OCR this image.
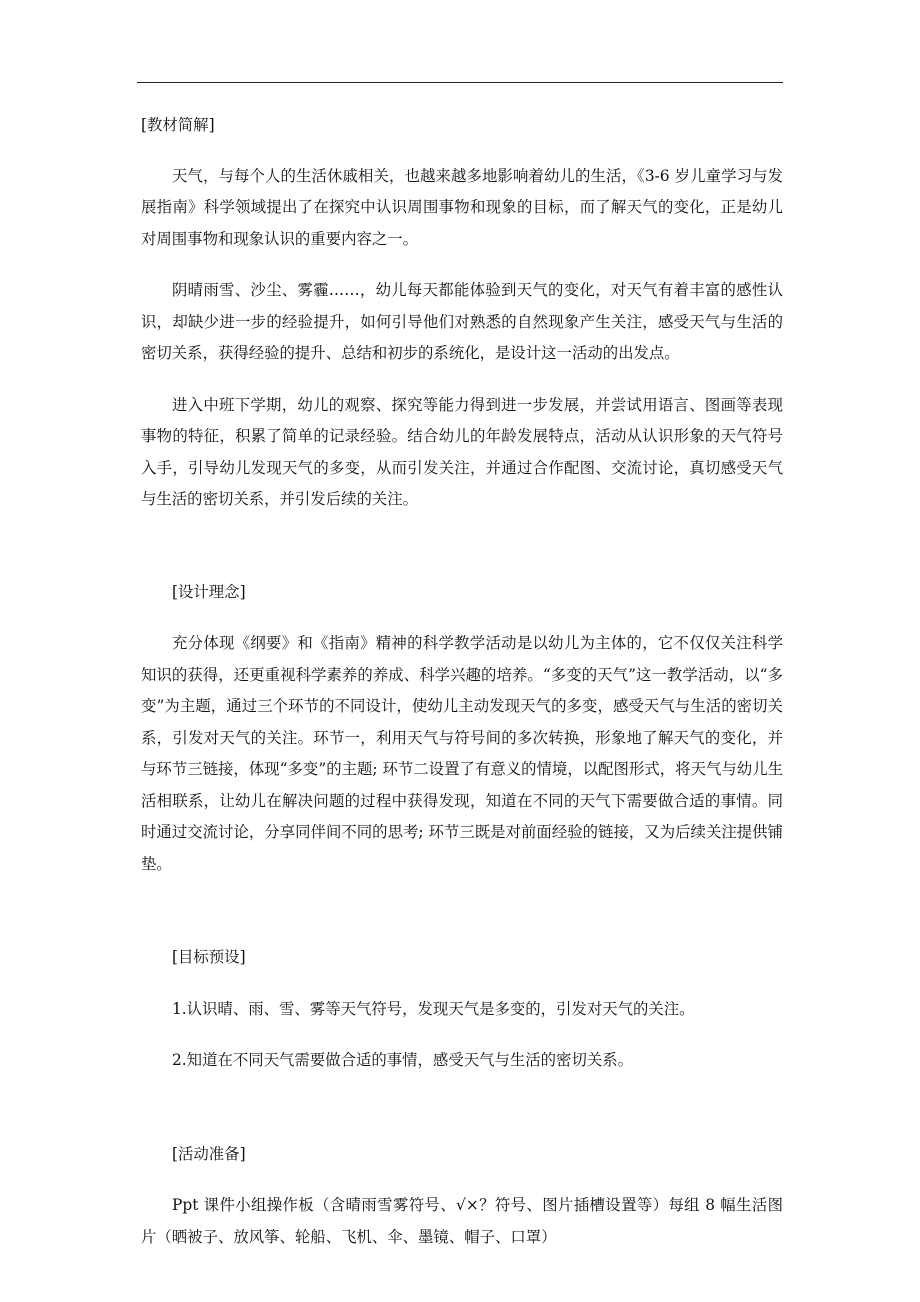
[教材简解]

天气，与每个人的生活休戚相关，也越来越多地影响着幼儿的生活，《3-6 岁儿童学习与发展指南》科学领域提出了在探究中认识周围事物和现象的目标，而了解天气的变化，正是幼儿对周围事物和现象认识的重要内容之一。

阴晴雨雪、沙尘、雾霾……，幼儿每天都能体验到天气的变化，对天气有着丰富的感性认识，却缺少进一步的经验提升，如何引导他们对熟悉的自然现象产生关注，感受天气与生活的密切关系，获得经验的提升、总结和初步的系统化，是设计这一活动的出发点。

进入中班下学期，幼儿的观察、探究等能力得到进一步发展，并尝试用语言、图画等表现事物的特征，积累了简单的记录经验。结合幼儿的年龄发展特点，活动从认识形象的天气符号入手，引导幼儿发现天气的多变，从而引发关注，并通过合作配图、交流讨论，真切感受天气与生活的密切关系，并引发后续的关注。

[设计理念]

充分体现《纲要》和《指南》精神的科学教学活动是以幼儿为主体的，它不仅仅关注科学知识的获得，还更重视科学素养的养成、科学兴趣的培养。“多变的天气”这一教学活动，以“多变”为主题，通过三个环节的不同设计，使幼儿主动发现天气的多变，感受天气与生活的密切关系，引发对天气的关注。环节一，利用天气与符号间的多次转换，形象地了解天气的变化，并与环节三链接，体现“多变”的主题; 环节二设置了有意义的情境，以配图形式，将天气与幼儿生活相联系，让幼儿在解决问题的过程中获得发现，知道在不同的天气下需要做合适的事情。同时通过交流讨论，分享同伴间不同的思考; 环节三既是对前面经验的链接，又为后续关注提供铺垫。

[目标预设]

1.认识晴、雨、雪、雾等天气符号，发现天气是多变的，引发对天气的关注。

2.知道在不同天气需要做合适的事情，感受天气与生活的密切关系。

[活动准备]

Ppt 课件小组操作板（含晴雨雪雾符号、√×？符号、图片插槽设置等）每组 8 幅生活图片（晒被子、放风筝、轮船、飞机、伞、墨镜、帽子、口罩）
